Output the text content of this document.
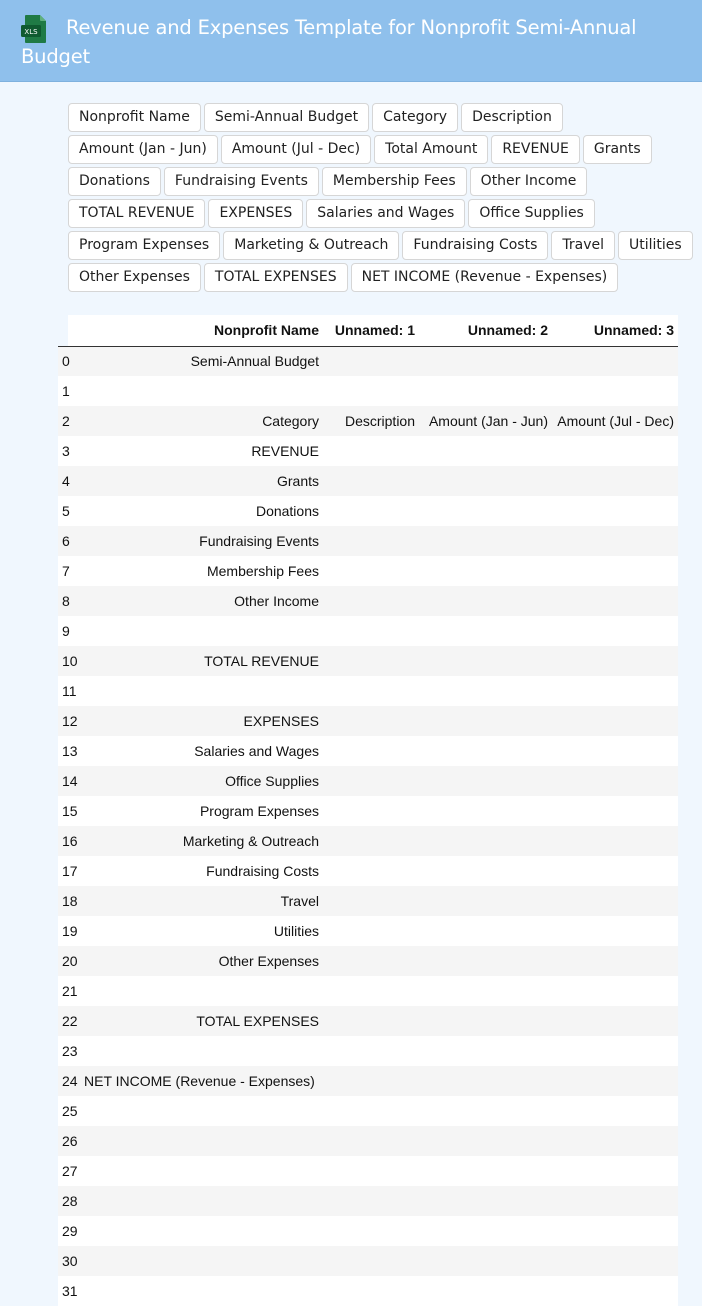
XLS	Revenue and Expenses Template for Nonprofit Semi-Annual Budget
Nonprofit Name	Semi-Annual Budget	Category	Description
Amount (Jan - Jun)	Amount (Jul - Dec)	Total Amount	REVENUE	Grants
Donations	Fundraising Events	Membership Fees	Other Income
TOTAL REVENUE	EXPENSES	Salaries and Wages	Office Supplies
Program Expenses	Marketing & Outreach	Fundraising Costs	Travel	Utilities
Other Expenses	TOTAL EXPENSES	NET INCOME (Revenue - Expenses)
	Nonprofit Name	Unnamed: 1	Unnamed: 2	Unnamed: 3
0	Semi-Annual Budget			
1				
2	Category	Description	Amount (Jan - Jun)	Amount (Jul - Dec)
3	REVENUE			
4	Grants			
5	Donations			
6	Fundraising Events			
7	Membership Fees			
8	Other Income			
9				
10	TOTAL REVENUE			
11				
12	EXPENSES			
13	Salaries and Wages			
14	Office Supplies			
15	Program Expenses			
16	Marketing & Outreach			
17	Fundraising Costs			
18	Travel			
19	Utilities			
20	Other Expenses			
21				
22	TOTAL EXPENSES			
23				
24	NET INCOME (Revenue - Expenses)			
25				
26				
27				
28				
29				
30				
31				
